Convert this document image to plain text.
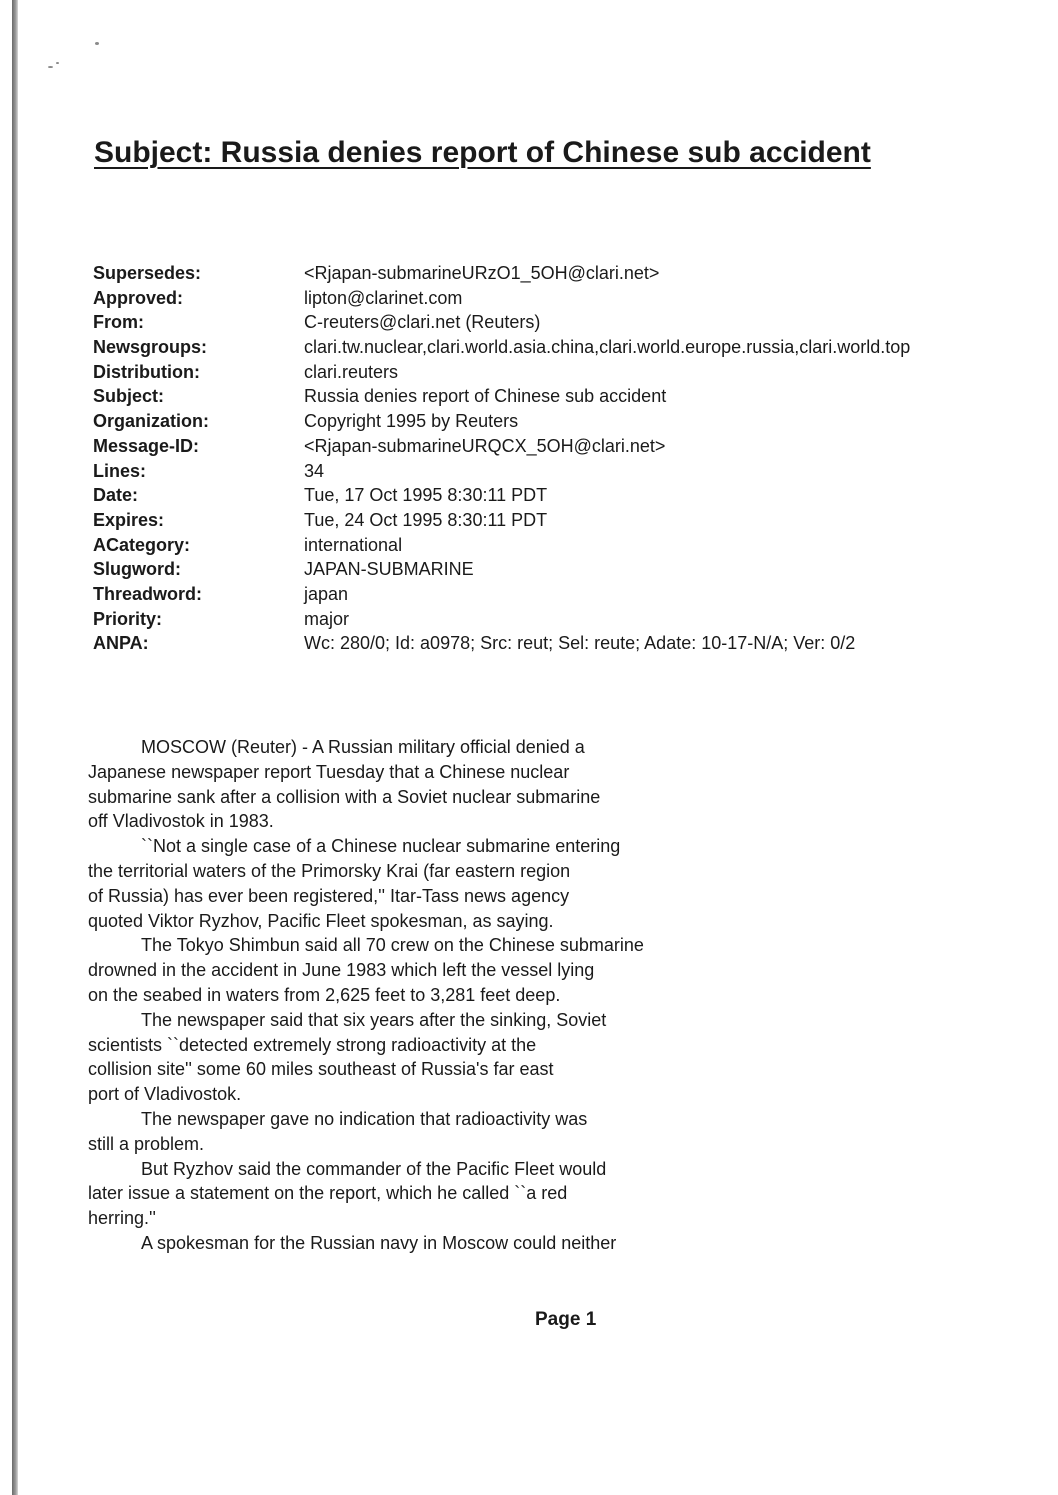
Subject: Russia denies report of Chinese sub accident
Supersedes:	<Rjapan-submarineURzO1_5OH@clari.net>
Approved:	lipton@clarinet.com
From:	C-reuters@clari.net (Reuters)
Newsgroups:	clari.tw.nuclear,clari.world.asia.china,clari.world.europe.russia,clari.world.top
Distribution:	clari.reuters
Subject:	Russia denies report of Chinese sub accident
Organization:	Copyright 1995 by Reuters
Message-ID:	<Rjapan-submarineURQCX_5OH@clari.net>
Lines:	34
Date:	Tue, 17 Oct 1995 8:30:11 PDT
Expires:	Tue, 24 Oct 1995 8:30:11 PDT
ACategory:	international
Slugword:	JAPAN-SUBMARINE
Threadword:	japan
Priority:	major
ANPA:	Wc: 280/0; Id: a0978; Src: reut; Sel: reute; Adate: 10-17-N/A; Ver: 0/2

MOSCOW (Reuter) - A Russian military official denied a
Japanese newspaper report Tuesday that a Chinese nuclear
submarine sank after a collision with a Soviet nuclear submarine
off Vladivostok in 1983.

``Not a single case of a Chinese nuclear submarine entering
the territorial waters of the Primorsky Krai (far eastern region
of Russia) has ever been registered,'' Itar-Tass news agency
quoted Viktor Ryzhov, Pacific Fleet spokesman, as saying.

The Tokyo Shimbun said all 70 crew on the Chinese submarine
drowned in the accident in June 1983 which left the vessel lying
on the seabed in waters from 2,625 feet to 3,281 feet deep.

The newspaper said that six years after the sinking, Soviet
scientists ``detected extremely strong radioactivity at the
collision site'' some 60 miles southeast of Russia's far east
port of Vladivostok.

The newspaper gave no indication that radioactivity was
still a problem.

But Ryzhov said the commander of the Pacific Fleet would
later issue a statement on the report, which he called ``a red
herring.''

A spokesman for the Russian navy in Moscow could neither

Page 1
